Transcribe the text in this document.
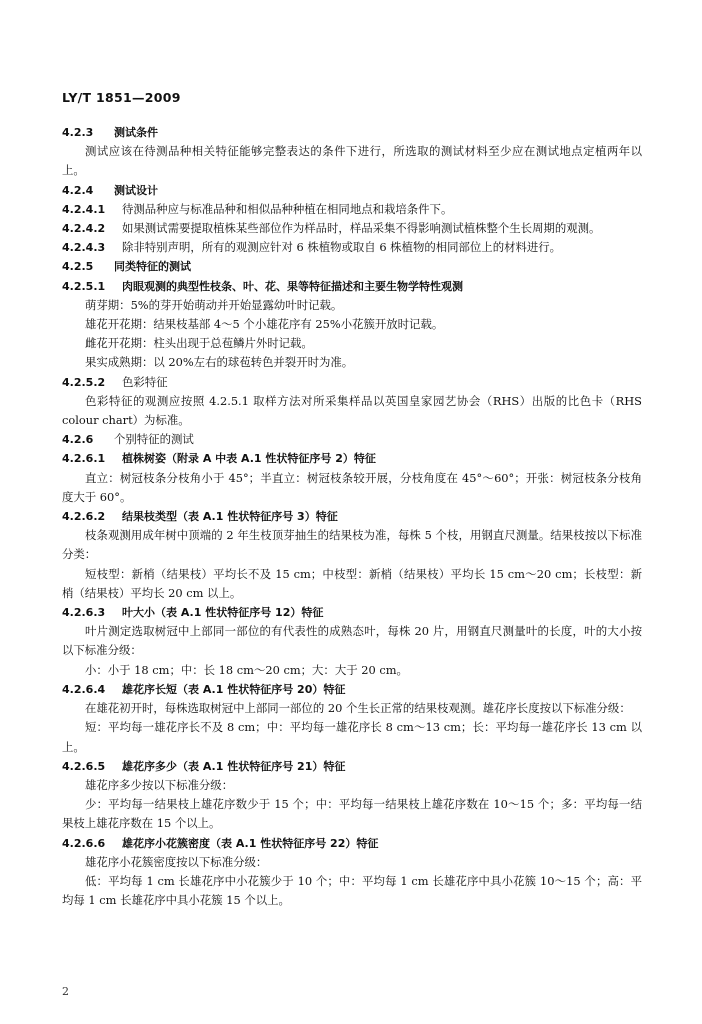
LY/T 1851—2009
4.2.3 测试条件
测试应该在待测品种相关特征能够完整表达的条件下进行，所选取的测试材料至少应在测试地点定植两年以上。
4.2.4 测试设计
4.2.4.1 待测品种应与标准品种和相似品种种植在相同地点和栽培条件下。
4.2.4.2 如果测试需要提取植株某些部位作为样品时，样品采集不得影响测试植株整个生长周期的观测。
4.2.4.3 除非特别声明，所有的观测应针对 6 株植物或取自 6 株植物的相同部位上的材料进行。
4.2.5 同类特征的测试
4.2.5.1 肉眼观测的典型性枝条、叶、花、果等特征描述和主要生物学特性观测
萌芽期：5%的芽开始萌动并开始显露幼叶时记载。
雄花开花期：结果枝基部 4～5 个小雄花序有 25%小花簇开放时记载。
雌花开花期：柱头出现于总苞鳞片外时记载。
果实成熟期：以 20%左右的球苞转色并裂开时为准。
4.2.5.2 色彩特征
色彩特征的观测应按照 4.2.5.1 取样方法对所采集样品以英国皇家园艺协会（RHS）出版的比色卡（RHS colour chart）为标准。
4.2.6 个别特征的测试
4.2.6.1 植株树姿（附录 A 中表 A.1 性状特征序号 2）特征
直立：树冠枝条分枝角小于 45°；半直立：树冠枝条较开展，分枝角度在 45°～60°；开张：树冠枝条分枝角度大于 60°。
4.2.6.2 结果枝类型（表 A.1 性状特征序号 3）特征
枝条观测用成年树中顶端的 2 年生枝顶芽抽生的结果枝为准，每株 5 个枝，用钢直尺测量。结果枝按以下标准分类：
短枝型：新梢（结果枝）平均长不及 15 cm；中枝型：新梢（结果枝）平均长 15 cm～20 cm；长枝型：新梢（结果枝）平均长 20 cm 以上。
4.2.6.3 叶大小（表 A.1 性状特征序号 12）特征
叶片测定选取树冠中上部同一部位的有代表性的成熟态叶，每株 20 片，用钢直尺测量叶的长度，叶的大小按以下标准分级：
小：小于 18 cm；中：长 18 cm～20 cm；大：大于 20 cm。
4.2.6.4 雄花序长短（表 A.1 性状特征序号 20）特征
在雄花初开时，每株选取树冠中上部同一部位的 20 个生长正常的结果枝观测。雄花序长度按以下标准分级：
短：平均每一雄花序长不及 8 cm；中：平均每一雄花序长 8 cm～13 cm；长：平均每一雄花序长 13 cm 以上。
4.2.6.5 雄花序多少（表 A.1 性状特征序号 21）特征
雄花序多少按以下标准分级：
少：平均每一结果枝上雄花序数少于 15 个；中：平均每一结果枝上雄花序数在 10～15 个；多：平均每一结果枝上雄花序数在 15 个以上。
4.2.6.6 雄花序小花簇密度（表 A.1 性状特征序号 22）特征
雄花序小花簇密度按以下标准分级：
低：平均每 1 cm 长雄花序中小花簇少于 10 个；中：平均每 1 cm 长雄花序中具小花簇 10～15 个；高：平均每 1 cm 长雄花序中具小花簇 15 个以上。
2
